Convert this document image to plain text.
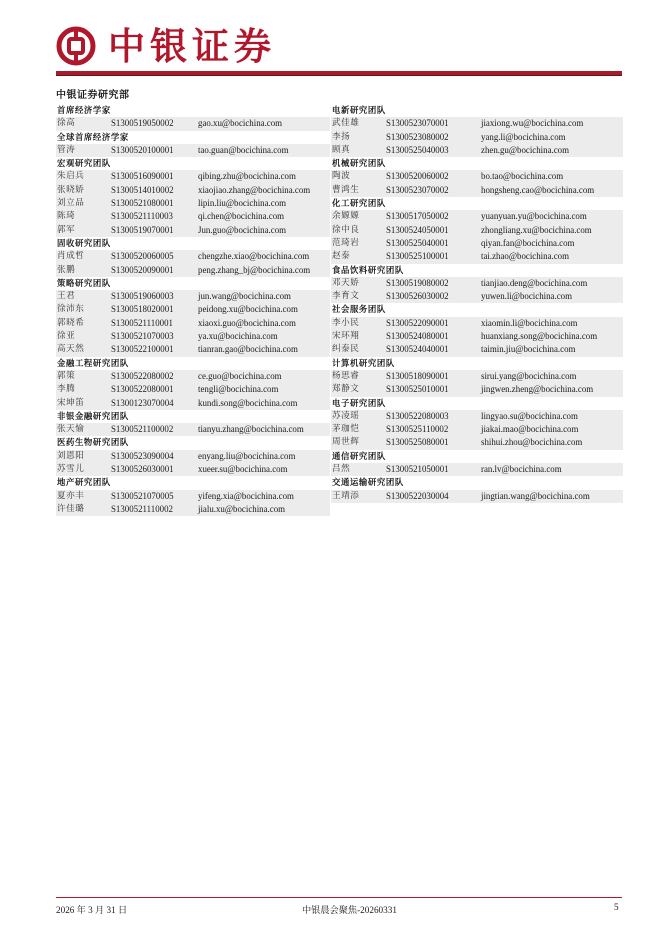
中银证券
中银证券研究部
首席经济学家
徐高	S1300519050002	gao.xu@bocichina.com
全球首席经济学家
管涛	S1300520100001	tao.guan@bocichina.com
宏观研究团队
朱启兵	S1300516090001	qibing.zhu@bocichina.com
张晓娇	S1300514010002	xiaojiao.zhang@bocichina.com
刘立品	S1300521080001	lipin.liu@bocichina.com
陈琦	S1300521110003	qi.chen@bocichina.com
郭军	S1300519070001	Jun.guo@bocichina.com
固收研究团队
肖成哲	S1300520060005	chengzhe.xiao@bocichina.com
张鹏	S1300520090001	peng.zhang_bj@bocichina.com
策略研究团队
王君	S1300519060003	jun.wang@bocichina.com
徐沛东	S1300518020001	peidong.xu@bocichina.com
郭晓希	S1300521110001	xiaoxi.guo@bocichina.com
徐亚	S1300521070003	ya.xu@bocichina.com
高天然	S1300522100001	tianran.gao@bocichina.com
金融工程研究团队
郭策	S1300522080002	ce.guo@bocichina.com
李腾	S1300522080001	tengli@bocichina.com
宋坤笛	S1300123070004	kundi.song@bocichina.com
非银金融研究团队
张天愉	S1300521100002	tianyu.zhang@bocichina.com
医药生物研究团队
刘恩阳	S1300523090004	enyang.liu@bocichina.com
苏雪儿	S1300526030001	xueer.su@bocichina.com
地产研究团队
夏亦丰	S1300521070005	yifeng.xia@bocichina.com
许佳璐	S1300521110002	jialu.xu@bocichina.com
电新研究团队
武佳雄	S1300523070001	jiaxiong.wu@bocichina.com
李扬	S1300523080002	yang.li@bocichina.com
顾真	S1300525040003	zhen.gu@bocichina.com
机械研究团队
陶波	S1300520060002	bo.tao@bocichina.com
曹鸿生	S1300523070002	hongsheng.cao@bocichina.com
化工研究团队
余嫄嫄	S1300517050002	yuanyuan.yu@bocichina.com
徐中良	S1300524050001	zhongliang.xu@bocichina.com
范琦岩	S1300525040001	qiyan.fan@bocichina.com
赵泰	S1300525100001	tai.zhao@bocichina.com
食品饮料研究团队
邓天娇	S1300519080002	tianjiao.deng@bocichina.com
李育文	S1300526030002	yuwen.li@bocichina.com
社会服务团队
李小民	S1300522090001	xiaomin.li@bocichina.com
宋环翔	S1300524080001	huanxiang.song@bocichina.com
纠泰民	S1300524040001	taimin.jiu@bocichina.com
计算机研究团队
杨思睿	S1300518090001	sirui.yang@bocichina.com
郑静文	S1300525010001	jingwen.zheng@bocichina.com
电子研究团队
苏凌瑶	S1300522080003	lingyao.su@bocichina.com
茅珈恺	S1300525110002	jiakai.mao@bocichina.com
周世辉	S1300525080001	shihui.zhou@bocichina.com
通信研究团队
吕然	S1300521050001	ran.lv@bocichina.com
交通运输研究团队
王靖添	S1300522030004	jingtian.wang@bocichina.com
2026 年 3 月 31 日	中银晨会聚焦-20260331	5
